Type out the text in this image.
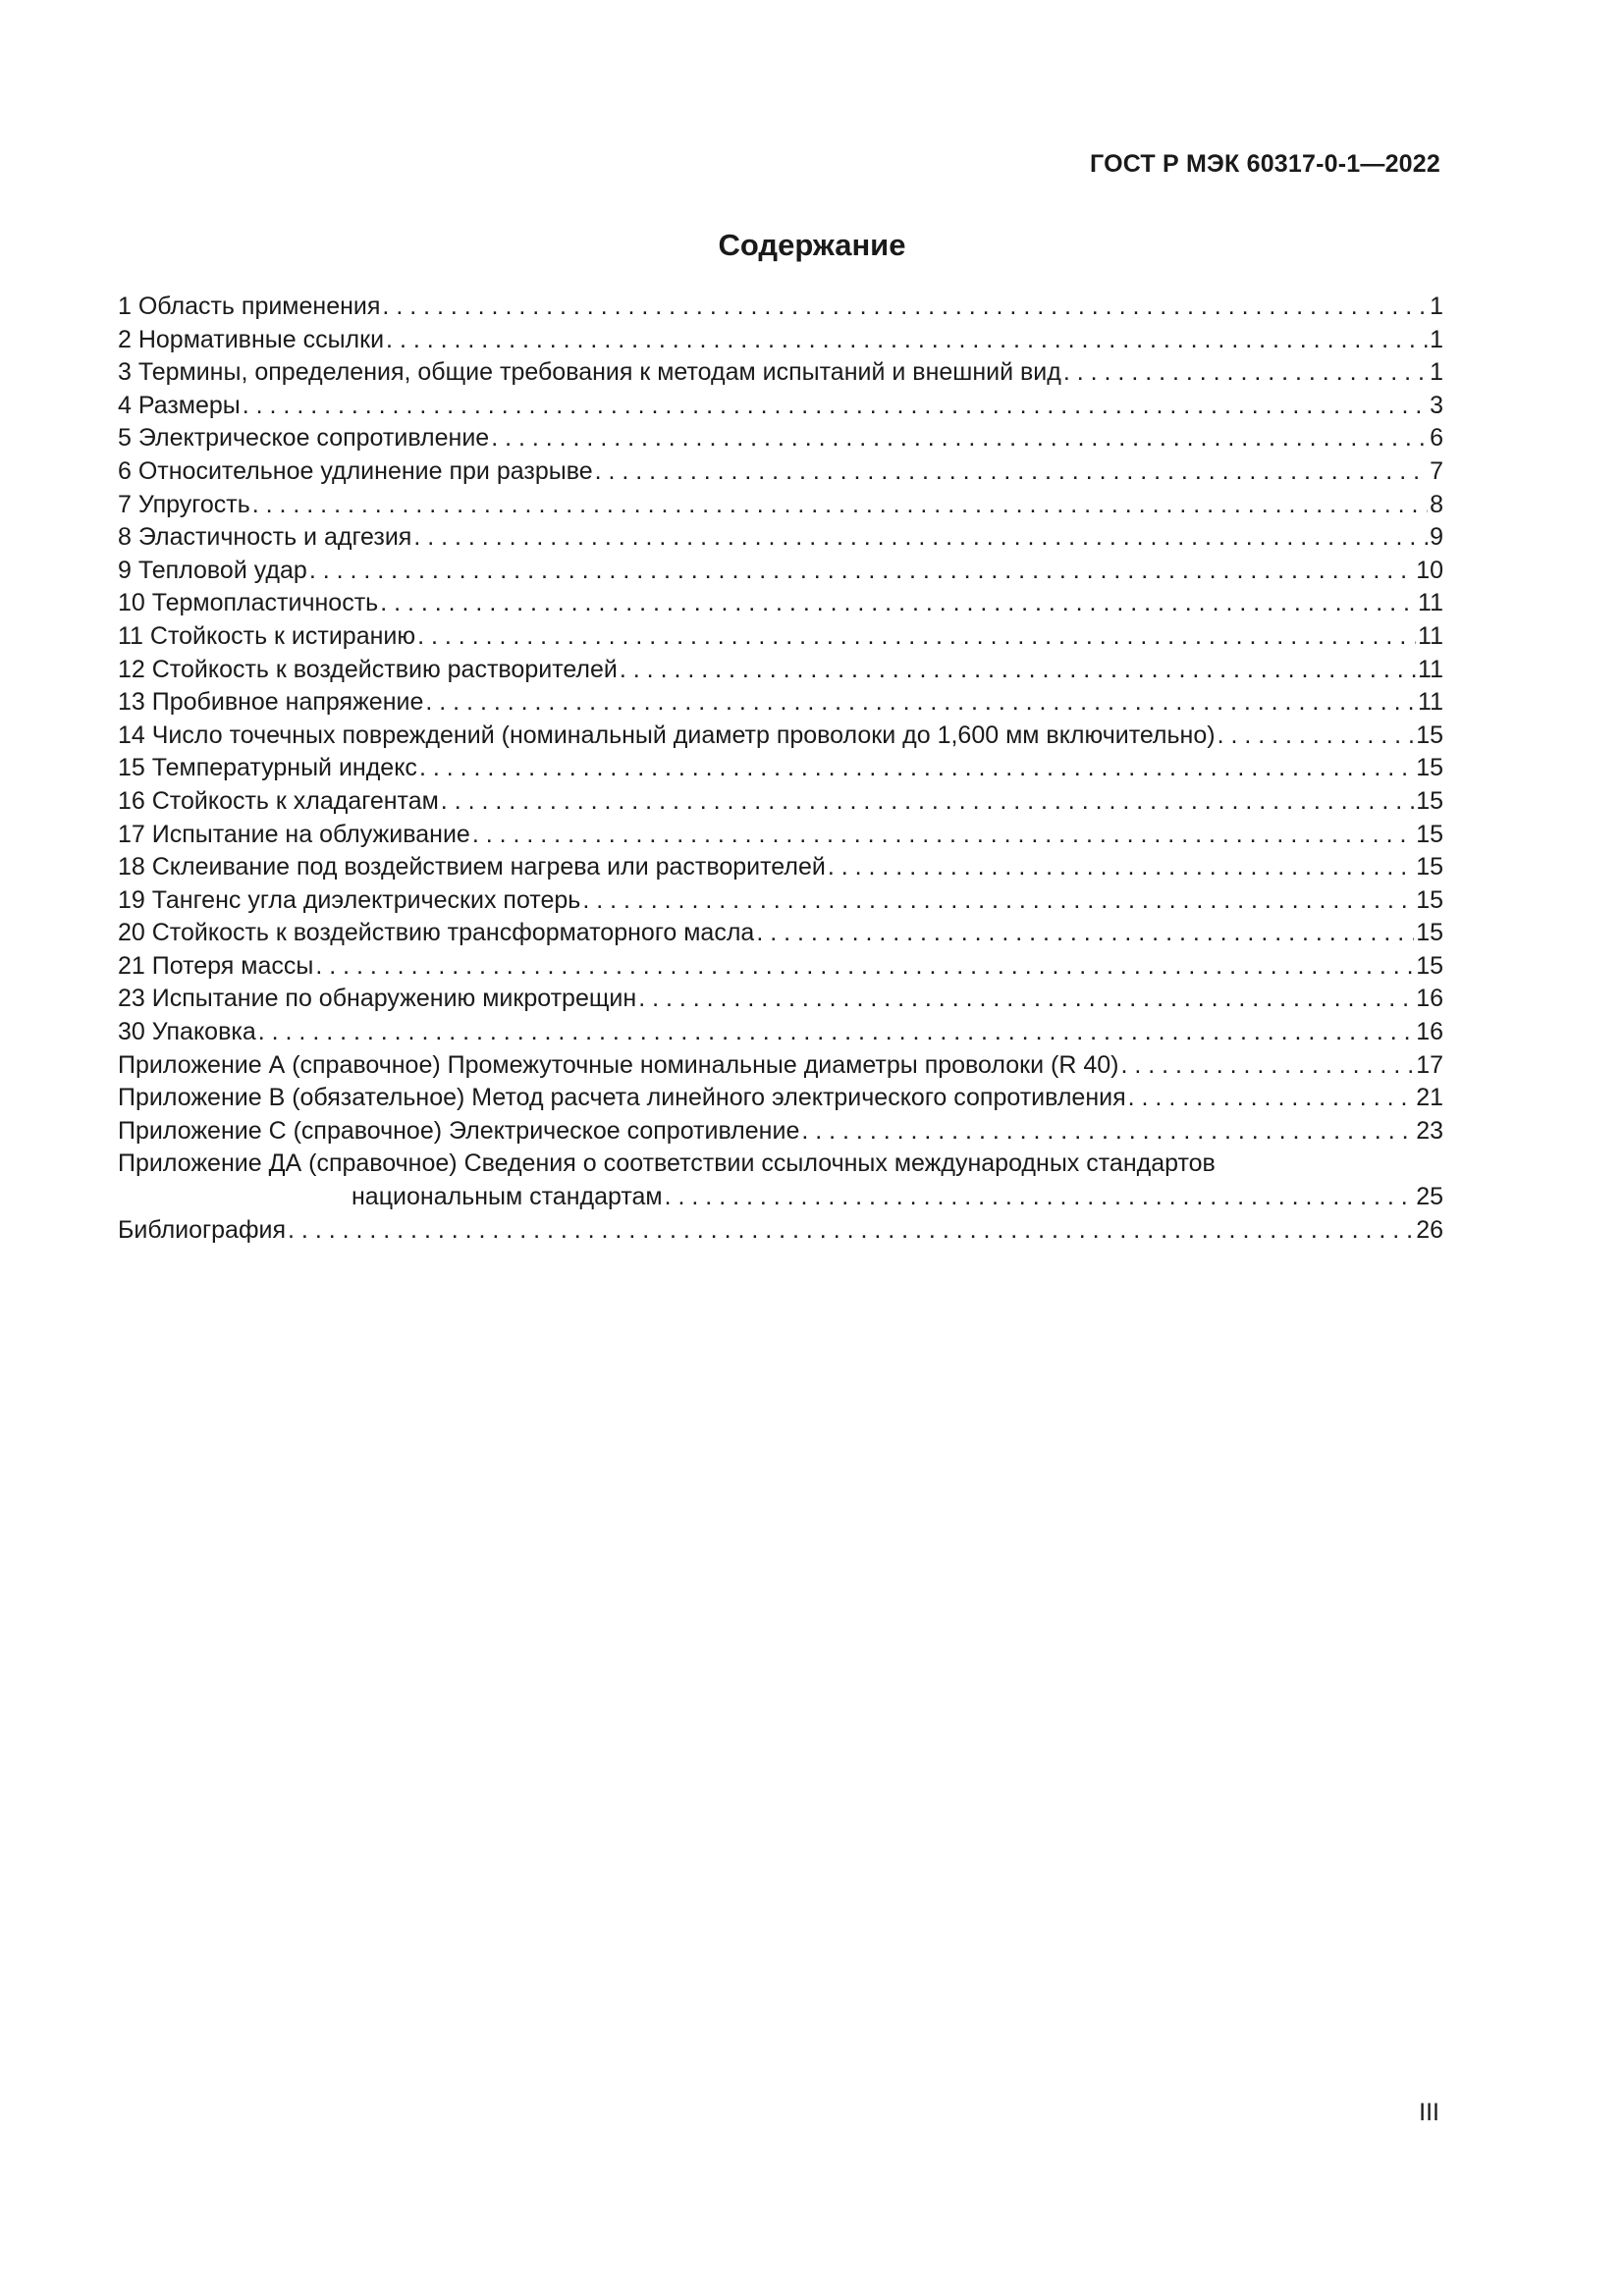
ГОСТ Р МЭК 60317-0-1—2022
Содержание
1 Область применения . . .	1
2 Нормативные ссылки . . .	1
3 Термины, определения, общие требования к методам испытаний и внешний вид . . .	1
4 Размеры . . .	3
5 Электрическое сопротивление . . .	6
6 Относительное удлинение при разрыве . . .	7
7 Упругость . . .	8
8 Эластичность и адгезия . . .	9
9 Тепловой удар . . .	10
10 Термопластичность . . .	11
11 Стойкость к истиранию . . .	11
12 Стойкость к воздействию растворителей . . .	11
13 Пробивное напряжение . . .	11
14 Число точечных повреждений (номинальный диаметр проволоки до 1,600 мм включительно) . . .	15
15 Температурный индекс . . .	15
16 Стойкость к хладагентам . . .	15
17 Испытание на облуживание . . .	15
18 Склеивание под воздействием нагрева или растворителей . . .	15
19 Тангенс угла диэлектрических потерь . . .	15
20 Стойкость к воздействию трансформаторного масла . . .	15
21 Потеря массы . . .	15
23 Испытание по обнаружению микротрещин . . .	16
30 Упаковка . . .	16
Приложение А (справочное) Промежуточные номинальные диаметры проволоки (R 40) . . .	17
Приложение В (обязательное) Метод расчета линейного электрического сопротивления . . .	21
Приложение С (справочное) Электрическое сопротивление . . .	23
Приложение ДА (справочное) Сведения о соответствии ссылочных международных стандартов
национальным стандартам . . .	25
Библиография . . .	26
III
